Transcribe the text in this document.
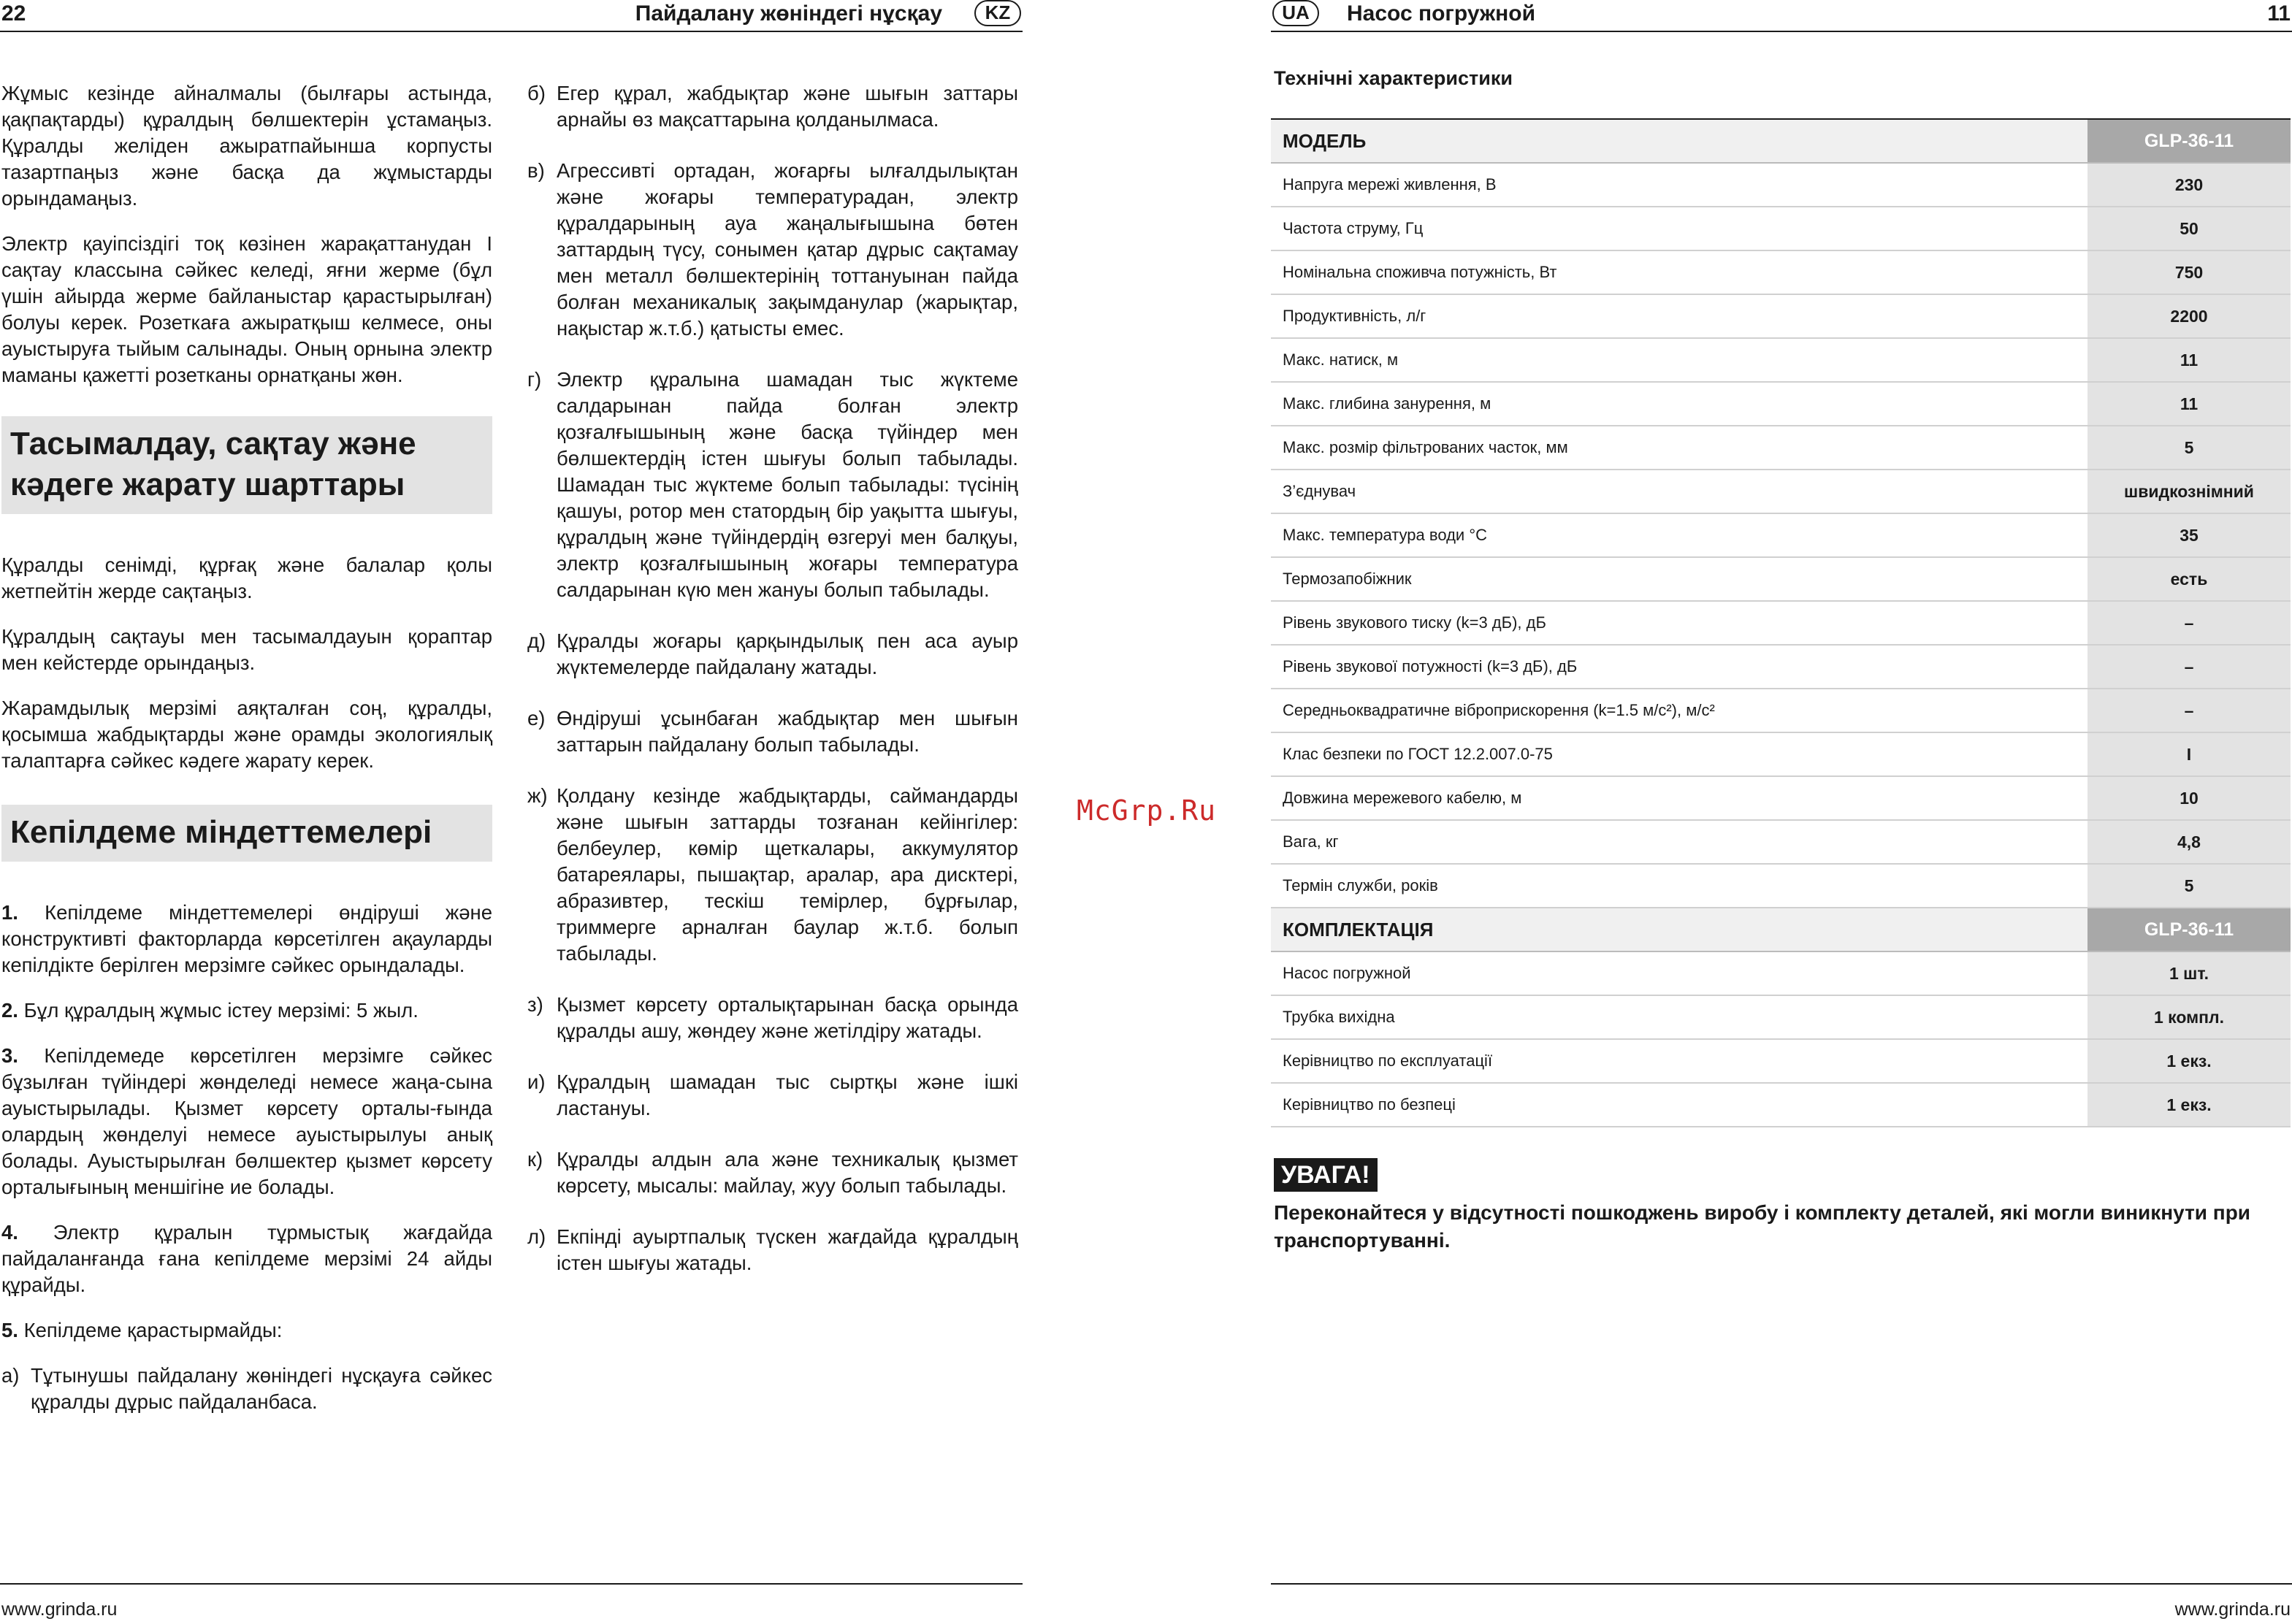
22	Пайдалану жөніндегі нұсқау	KZ

Жұмыс кезінде айналмалы (былғары астында, қақпақтарды) құралдың бөлшектерін ұстамаңыз. Құралды желіден ажыратпайынша корпусты тазартпаңыз және басқа да жұмыстарды орындамаңыз.

Электр қауіпсіздігі тоқ көзінен жарақаттанудан I сақтау классына сәйкес келеді, яғни жерме (бұл үшін айырда жерме байланыстар қарастырылған) болуы керек. Розеткаға ажыратқыш келмесе, оны ауыстыруға тыйым салынады. Оның орнына электр маманы қажетті розетканы орнатқаны жөн.

Тасымалдау, сақтау және кәдеге жарату шарттары

Құралды сенімді, құрғақ және балалар қолы жетпейтін жерде сақтаңыз.

Құралдың сақтауы мен тасымалдауын қораптар мен кейстерде орындаңыз.

Жарамдылық мерзімі аяқталған соң, құралды, қосымша жабдықтарды және орамды экологиялық талаптарға сәйкес кәдеге жарату керек.

Кепілдеме міндеттемелері

1. Кепілдеме міндеттемелері өндіруші және конструктивті факторларда көрсетілген ақауларды кепілдікте берілген мерзімге сәйкес орындалады.

2. Бұл құралдың жұмыс істеу мерзімі: 5 жыл.

3. Кепілдемеде көрсетілген мерзімге сәйкес бұзылған түйіндері жөнделеді немесе жаңа-сына ауыстырылады. Қызмет көрсету орталы-ғында олардың жөнделуі немесе ауыстырылуы анық болады. Ауыстырылған бөлшектер қызмет көрсету орталығының меншігіне ие болады.

4. Электр құралын тұрмыстық жағдайда пайдаланғанда ғана кепілдеме мерзімі 24 айды құрайды.

5. Кепілдеме қарастырмайды:

а) Тұтынушы пайдалану жөніндегі нұсқауға сәйкес құралды дұрыс пайдаланбаса.
б) Егер құрал, жабдықтар және шығын заттары арнайы өз мақсаттарына қолданылмаса.
в) Агрессивті ортадан, жоғарғы ылғалдылықтан және жоғары температурадан, электр құралдарының ауа жаңалығышына бөтен заттардың түсу, сонымен қатар дұрыс сақтамау мен металл бөлшектерінің тоттануынан пайда болған механикалық зақымданулар (жарықтар, нақыстар ж.т.б.) қатысты емес.
г) Электр құралына шамадан тыс жүктеме салдарынан пайда болған электр қозғалғышының және басқа түйіндер мен бөлшектердің істен шығуы болып табылады. Шамадан тыс жүктеме болып табылады: түсінің қашуы, ротор мен статордың бір уақытта шығуы, құралдың және түйіндердің өзгеруі мен балқуы, электр қозғалғышының жоғары температура салдарынан күю мен жануы болып табылады.
д) Құралды жоғары қарқындылық пен аса ауыр жүктемелерде пайдалану жатады.
е) Өндіруші ұсынбаған жабдықтар мен шығын заттарын пайдалану болып табылады.
ж) Қолдану кезінде жабдықтарды, саймандарды және шығын заттарды тозғанан кейінгілер: белбеулер, көмір щеткалары, аккумулятор батареялары, пышақтар, аралар, ара дисктері, абразивтер, тескіш темірлер, бұрғылар, триммерге арналған баулар ж.т.б. болып табылады.
з) Қызмет көрсету орталықтарынан басқа орында құралды ашу, жөндеу және жетілдіру жатады.
и) Құралдың шамадан тыс сыртқы және ішкі ластануы.
к) Құралды алдын ала және техникалық қызмет көрсету, мысалы: майлау, жуу болып табылады.
л) Екпінді ауыртпалық түскен жағдайда құралдың істен шығуы жатады.
www.grinda.ru
UA	Насос погружной	11
Технічні характеристики
МОДЕЛЬ	GLP-36-11
Напруга мережі живлення, В	230
Частота струму, Гц	50
Номінальна споживча потужність, Вт	750
Продуктивність, л/г	2200
Макс. натиск, м	11
Макс. глибина занурення, м	11
Макс. розмір фільтрованих часток, мм	5
З’єднувач	швидкознімний
Макс. температура води °С	35
Термозапобіжник	есть
Рівень звукового тиску (k=3 дБ), дБ	–
Рівень звукової потужності (k=3 дБ), дБ	–
Середньоквадратичне віброприскорення (k=1.5 м/с²), м/с²	–
Клас безпеки по ГОСТ 12.2.007.0-75	I
Довжина мережевого кабелю, м	10
Вага, кг	4,8
Термін служби, років	5
КОМПЛЕКТАЦІЯ	GLP-36-11
Насос погружной	1 шт.
Трубка вихідна	1 компл.
Керівництво по експлуатації	1 екз.
Керівництво по безпеці	1 екз.
УВАГА!
Переконайтеся у відсутності пошкоджень виробу і комплекту деталей, які могли виникнути при транспортуванні.
www.grinda.ru
McGrp.Ru
